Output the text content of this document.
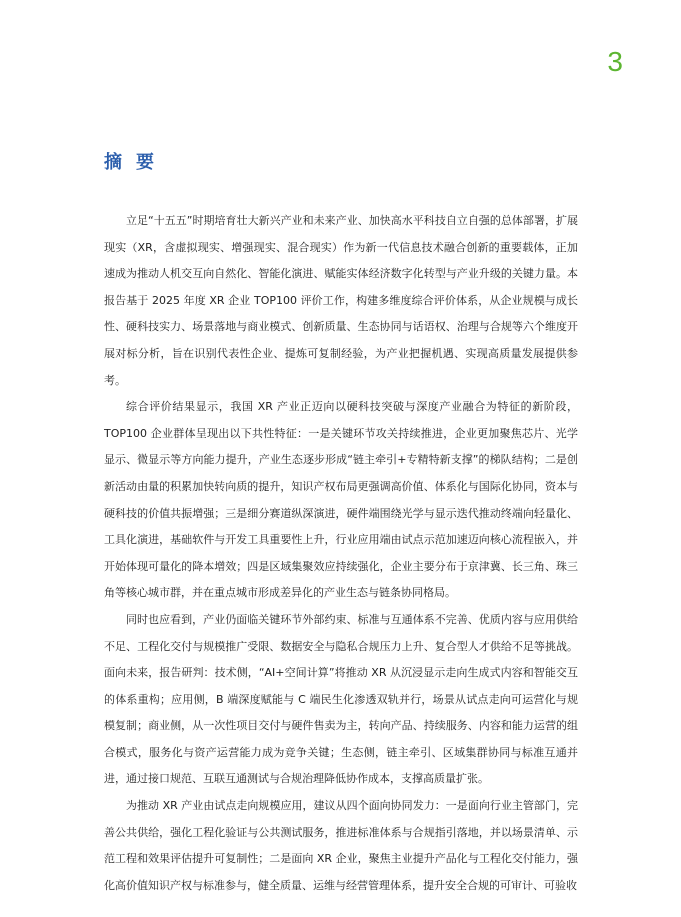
3
摘要

立足“十五五”时期培育壮大新兴产业和未来产业、加快高水平科技自立自强的总体部署，扩展现实（XR，含虚拟现实、增强现实、混合现实）作为新一代信息技术融合创新的重要载体，正加速成为推动人机交互向自然化、智能化演进、赋能实体经济数字化转型与产业升级的关键力量。本报告基于 2025 年度 XR 企业 TOP100 评价工作，构建多维度综合评价体系，从企业规模与成长性、硬科技实力、场景落地与商业模式、创新质量、生态协同与话语权、治理与合规等六个维度开展对标分析，旨在识别代表性企业、提炼可复制经验，为产业把握机遇、实现高质量发展提供参考。

综合评价结果显示，我国 XR 产业正迈向以硬科技突破与深度产业融合为特征的新阶段，TOP100 企业群体呈现出以下共性特征：一是关键环节攻关持续推进，企业更加聚焦芯片、光学显示、微显示等方向能力提升，产业生态逐步形成“链主牵引+专精特新支撑”的梯队结构；二是创新活动由量的积累加快转向质的提升，知识产权布局更强调高价值、体系化与国际化协同，资本与硬科技的价值共振增强；三是细分赛道纵深演进，硬件端围绕光学与显示迭代推动终端向轻量化、工具化演进，基础软件与开发工具重要性上升，行业应用端由试点示范加速迈向核心流程嵌入，并开始体现可量化的降本增效；四是区域集聚效应持续强化，企业主要分布于京津冀、长三角、珠三角等核心城市群，并在重点城市形成差异化的产业生态与链条协同格局。

同时也应看到，产业仍面临关键环节外部约束、标准与互通体系不完善、优质内容与应用供给不足、工程化交付与规模推广受限、数据安全与隐私合规压力上升、复合型人才供给不足等挑战。面向未来，报告研判：技术侧，“AI+空间计算”将推动 XR 从沉浸显示走向生成式内容和智能交互的体系重构；应用侧，B 端深度赋能与 C 端民生化渗透双轨并行，场景从试点走向可运营化与规模复制；商业侧，从一次性项目交付与硬件售卖为主，转向产品、持续服务、内容和能力运营的组合模式，服务化与资产运营能力成为竞争关键；生态侧，链主牵引、区域集群协同与标准互通并进，通过接口规范、互联互通测试与合规治理降低协作成本，支撑高质量扩张。

为推动 XR 产业由试点走向规模应用，建议从四个面向协同发力：一是面向行业主管部门，完善公共供给，强化工程化验证与公共测试服务，推进标准体系与合规指引落地，并以场景清单、示范工程和效果评估提升可复制性；二是面向 XR 企业，聚焦主业提升产品化与工程化交付能力，强化高价值知识产权与标准参与，健全质量、运维与经营管理体系，提升安全合规的可审计、可验收
